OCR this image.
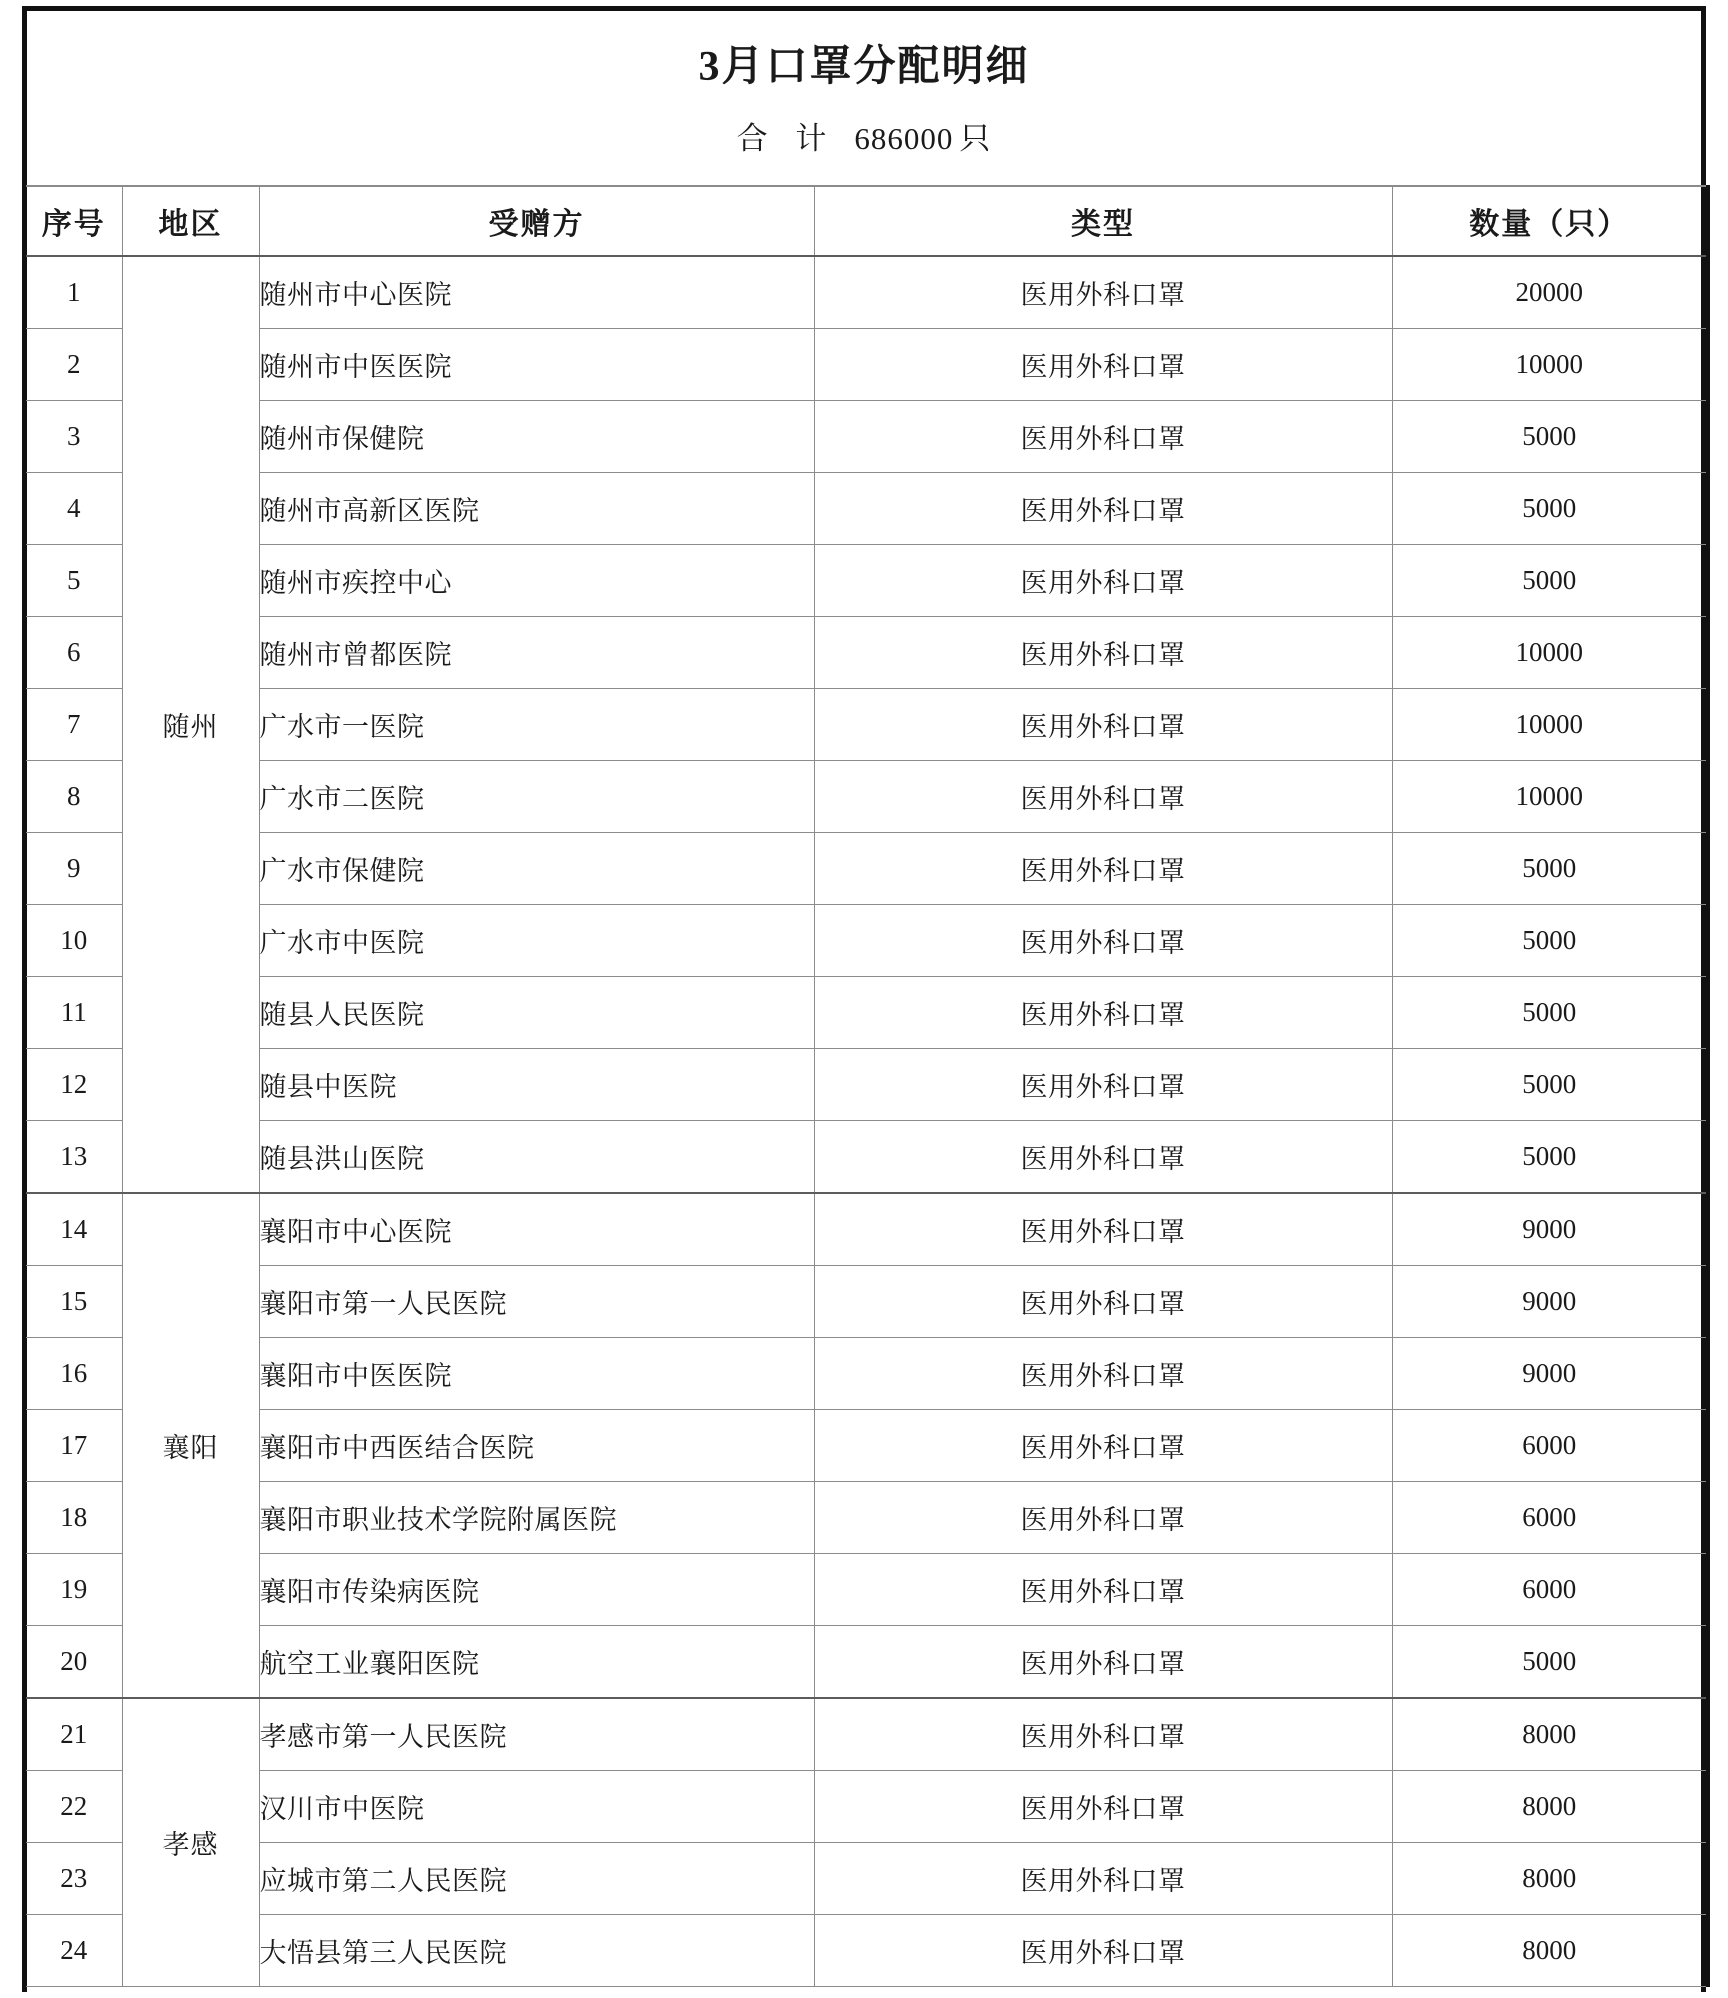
3月口罩分配明细
合 计 686000 只
序号	地区	受赠方	类型	数量（只）
1	随州	随州市中心医院	医用外科口罩	20000
2		随州市中医医院	医用外科口罩	10000
3		随州市保健院	医用外科口罩	5000
4		随州市高新区医院	医用外科口罩	5000
5		随州市疾控中心	医用外科口罩	5000
6		随州市曾都医院	医用外科口罩	10000
7		广水市一医院	医用外科口罩	10000
8		广水市二医院	医用外科口罩	10000
9		广水市保健院	医用外科口罩	5000
10		广水市中医院	医用外科口罩	5000
11		随县人民医院	医用外科口罩	5000
12		随县中医院	医用外科口罩	5000
13		随县洪山医院	医用外科口罩	5000
14	襄阳	襄阳市中心医院	医用外科口罩	9000
15		襄阳市第一人民医院	医用外科口罩	9000
16		襄阳市中医医院	医用外科口罩	9000
17		襄阳市中西医结合医院	医用外科口罩	6000
18		襄阳市职业技术学院附属医院	医用外科口罩	6000
19		襄阳市传染病医院	医用外科口罩	6000
20		航空工业襄阳医院	医用外科口罩	5000
21	孝感	孝感市第一人民医院	医用外科口罩	8000
22		汉川市中医院	医用外科口罩	8000
23		应城市第二人民医院	医用外科口罩	8000
24		大悟县第三人民医院	医用外科口罩	8000
